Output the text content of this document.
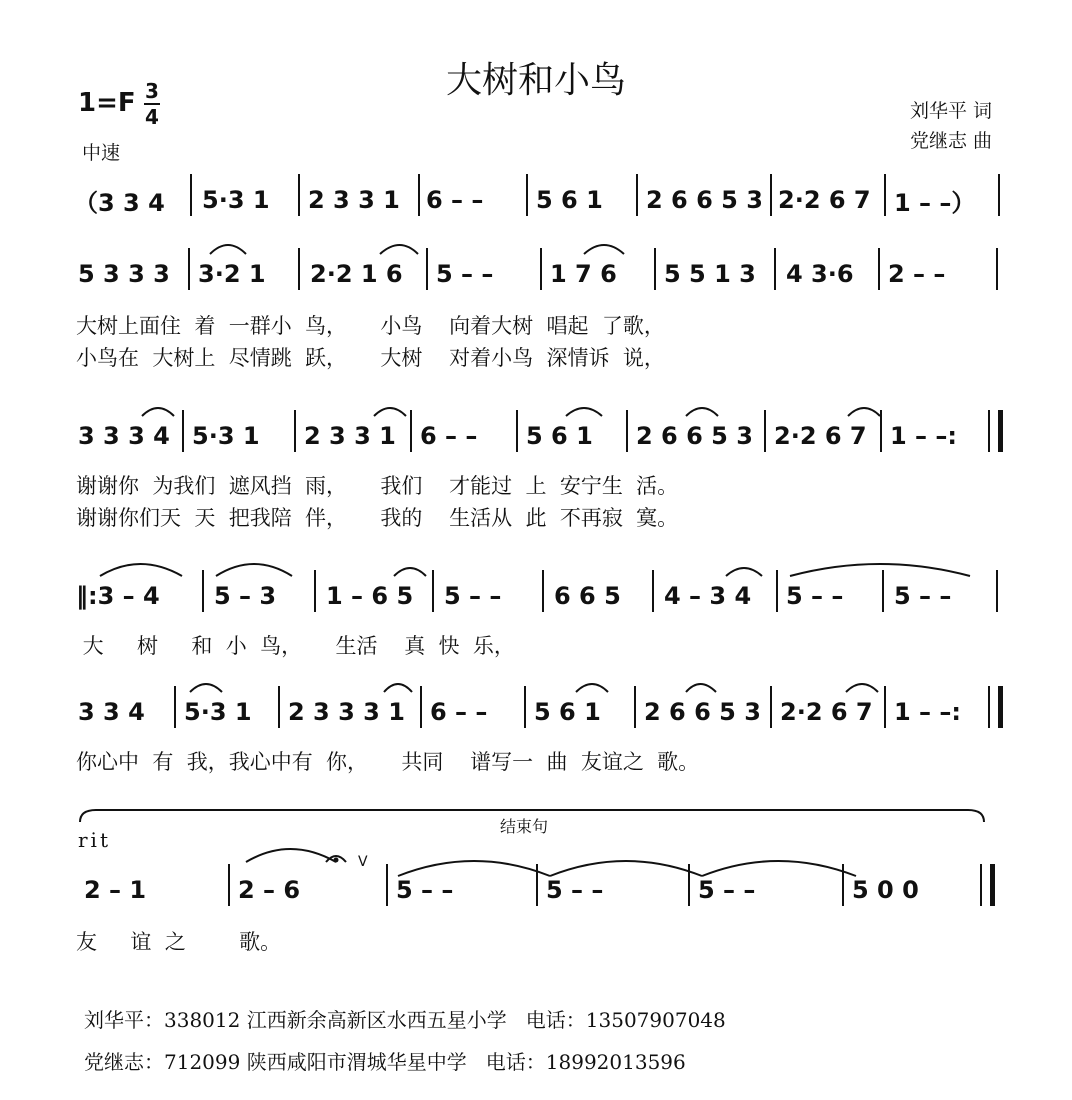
大树和小鸟
1=F 3
4
中速
刘华平 词
党继志 曲
（3 3 4 5·3 1 2 3 3 1 6 – – 5 6 1 2 6 6 5 3 2·2 6 7 1 – –）
5 3 3 3 3·2 1 2·2 1 6 5 – – 1 7 6 5 5 1 3 4 3·6 2 – –
大树上面住  着  一群小  鸟，     小鸟    向着大树  唱起  了歌，
小鸟在  大树上  尽情跳  跃，     大树    对着小鸟  深情诉  说，
3 3 3 4 5·3 1 2 3 3 1 6 – – 5 6 1 2 6 6 5 3 2·2 6 7 1 – –:
谢谢你  为我们  遮风挡  雨，     我们    才能过  上  安宁生  活。
谢谢你们天  天  把我陪  伴，     我的    生活从  此  不再寂  寞。
‖:3 – 4 5 – 3 1 – 6 5 5 – – 6 6 5 4 – 3 4 5 – – 5 – –
大     树     和  小  鸟，     生活    真  快  乐，
3 3 4 5·3 1 2 3 3 3 1 6 – – 5 6 1 2 6 6 5 3 2·2 6 7 1 – –:
你心中  有  我，我心中有  你，     共同    谱写一  曲  友谊之  歌。
rit
结束句
V
2 – 1	2 – 6	5 – –	5 – –	5 – –	5 0 0
友     谊  之        歌。
刘华平：338012 江西新余高新区水西五星小学   电话：13507907048
党继志：712099 陕西咸阳市渭城华星中学   电话：18992013596
